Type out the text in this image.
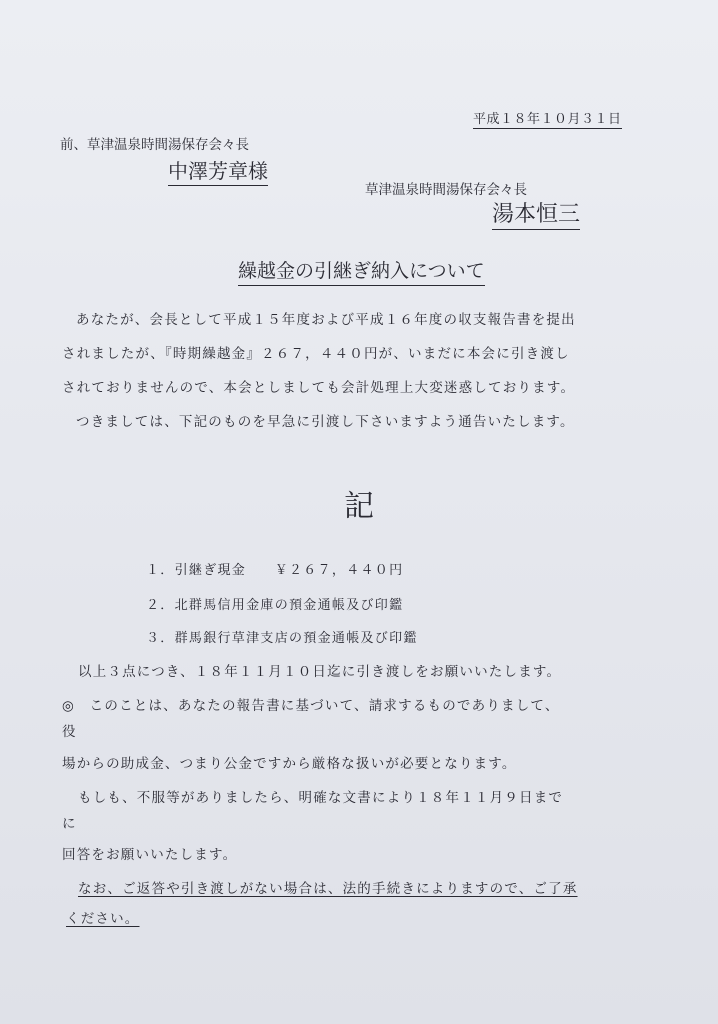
平成１８年１０月３１日
前、草津温泉時間湯保存会々長
中澤芳章様
草津温泉時間湯保存会々長
湯本恒三
繰越金の引継ぎ納入について
あなたが、会長として平成１５年度および平成１６年度の収支報告書を提出
されましたが、『時期繰越金』２６７，４４０円が、いまだに本会に引き渡し
されておりませんので、本会としましても会計処理上大変迷惑しております。
つきましては、下記のものを早急に引渡し下さいますよう通告いたします。
記
１．引継ぎ現金　　￥２６７，４４０円
２．北群馬信用金庫の預金通帳及び印鑑
３．群馬銀行草津支店の預金通帳及び印鑑
以上３点につき、１８年１１月１０日迄に引き渡しをお願いいたします。
◎　このことは、あなたの報告書に基づいて、請求するものでありまして、
役
場からの助成金、つまり公金ですから厳格な扱いが必要となります。
もしも、不服等がありましたら、明確な文書により１８年１１月９日まで
に
回答をお願いいたします。
なお、ご返答や引き渡しがない場合は、法的手続きによりますので、ご了承
ください。
